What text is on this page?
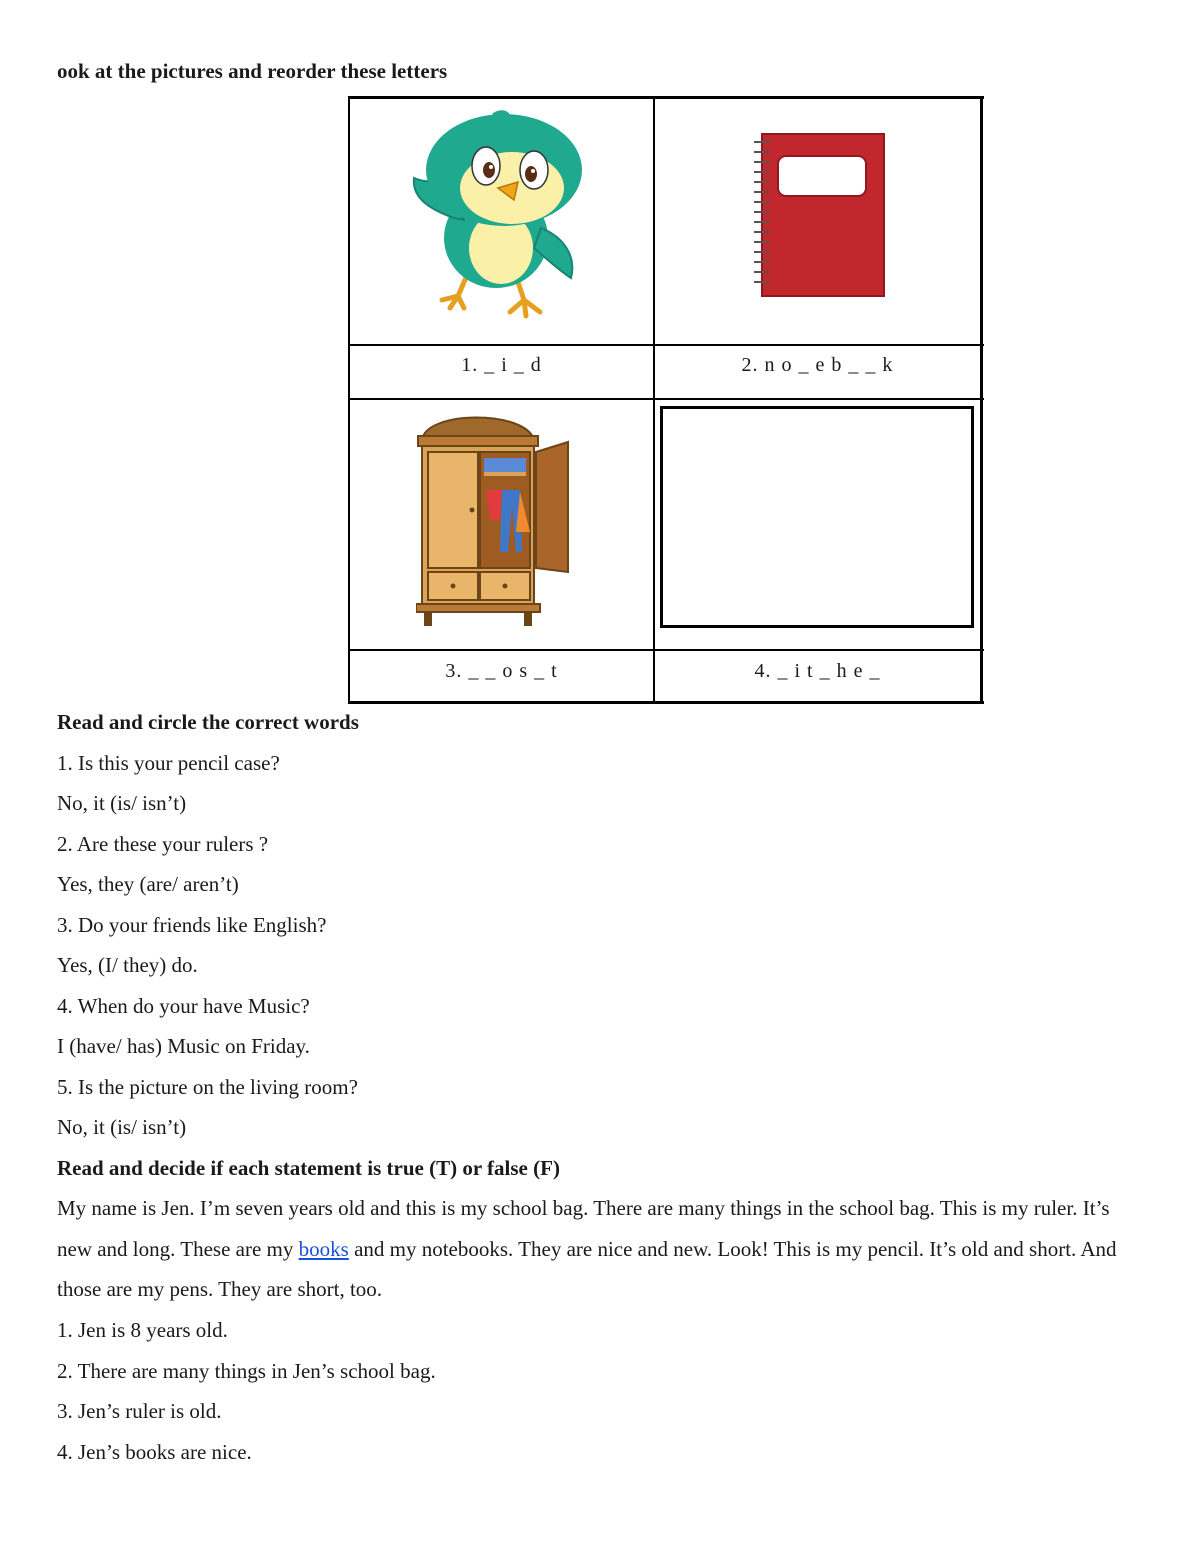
ook at the pictures and reorder these letters
1. _ i _ d	2. n o _ e b _ _ k
3. _ _ o s _ t	4. _ i t _ h e _
Read and circle the correct words
1. Is this your pencil case?
No, it (is/ isn’t)
2. Are these your rulers ?
Yes, they (are/ aren’t)
3. Do your friends like English?
Yes, (I/ they) do.
4. When do your have Music?
I (have/ has) Music on Friday.
5. Is the picture on the living room?
No, it (is/ isn’t)
Read and decide if each statement is true (T) or false (F)
My name is Jen. I’m seven years old and this is my school bag. There are many things in the school bag. This is my ruler. It’s new and long. These are my books and my notebooks. They are nice and new. Look! This is my pencil. It’s old and short. And those are my pens. They are short, too.
1. Jen is 8 years old.
2. There are many things in Jen’s school bag.
3. Jen’s ruler is old.
4. Jen’s books are nice.
